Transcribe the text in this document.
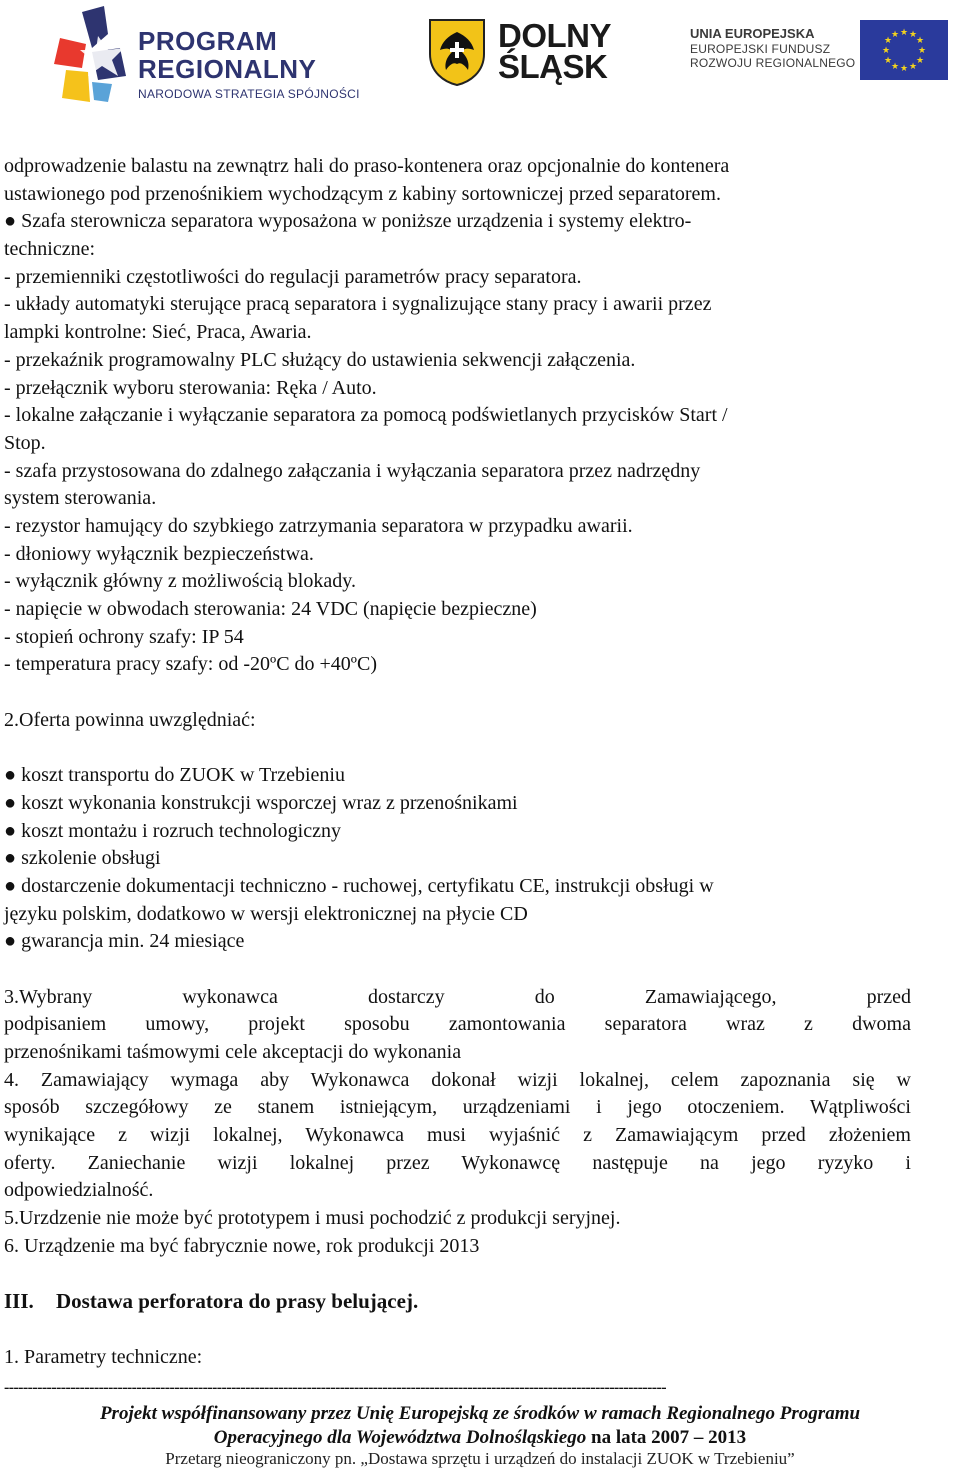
PROGRAM
REGIONALNY
NARODOWA STRATEGIA SPÓJNOŚCI
DOLNY
ŚLĄSK
UNIA EUROPEJSKA
EUROPEJSKI FUNDUSZ
ROZWOJU REGIONALNEGO
★ ★
★
★
★
★
★
★
★
★
★
★
odprowadzenie balastu na zewnątrz hali do praso-kontenera oraz opcjonalnie do kontenera
ustawionego pod przenośnikiem wychodzącym z kabiny sortowniczej przed separatorem.
● Szafa sterownicza separatora wyposażona w poniższe urządzenia i systemy elektro-
techniczne:
- przemienniki częstotliwości do regulacji parametrów pracy separatora.
- układy automatyki sterujące pracą separatora i sygnalizujące stany pracy i awarii przez
lampki kontrolne: Sieć, Praca, Awaria.
- przekaźnik programowalny PLC służący do ustawienia sekwencji załączenia.
- przełącznik wyboru sterowania: Ręka / Auto.
- lokalne załączanie i wyłączanie separatora za pomocą podświetlanych przycisków Start /
Stop.
- szafa przystosowana do zdalnego załączania i wyłączania separatora przez nadrzędny
system sterowania.
- rezystor hamujący do szybkiego zatrzymania separatora w przypadku awarii.
- dłoniowy wyłącznik bezpieczeństwa.
- wyłącznik główny z możliwością blokady.
- napięcie w obwodach sterowania: 24 VDC (napięcie bezpieczne)
- stopień ochrony szafy: IP 54
- temperatura pracy szafy: od -20ºC do +40ºC)
2.Oferta powinna uwzględniać:
● koszt transportu do ZUOK w Trzebieniu
● koszt wykonania konstrukcji wsporczej wraz z przenośnikami
● koszt montażu i rozruch technologiczny
● szkolenie obsługi
● dostarczenie dokumentacji techniczno - ruchowej, certyfikatu CE, instrukcji obsługi w
języku polskim, dodatkowo w wersji elektronicznej na płycie CD
● gwarancja min. 24 miesiące
3.Wybrany wykonawca dostarczy do Zamawiającego, przed
podpisaniem umowy, projekt sposobu zamontowania separatora wraz z dwoma
przenośnikami taśmowymi cele akceptacji do wykonania
4. Zamawiający wymaga aby Wykonawca dokonał wizji lokalnej, celem zapoznania się w
sposób szczegółowy ze stanem istniejącym, urządzeniami i jego otoczeniem. Wątpliwości
wynikające z wizji lokalnej, Wykonawca musi wyjaśnić z Zamawiającym przed złożeniem
oferty. Zaniechanie wizji lokalnej przez Wykonawcę następuje na jego ryzyko i
odpowiedzialność.
5.Urzdzenie nie może być prototypem i musi pochodzić z produkcji seryjnej.
6. Urządzenie ma być fabrycznie nowe, rok produkcji 2013
III. Dostawa perforatora do prasy belującej.
1. Parametry techniczne:
--------------------------------------------------------------------------------------------------------------------------------------------
Projekt współfinansowany przez Unię Europejską ze środków w ramach Regionalnego Programu
Operacyjnego dla Województwa Dolnośląskiego na lata 2007 – 2013
Przetarg nieograniczony pn. „Dostawa sprzętu i urządzeń do instalacji ZUOK w Trzebieniu”
